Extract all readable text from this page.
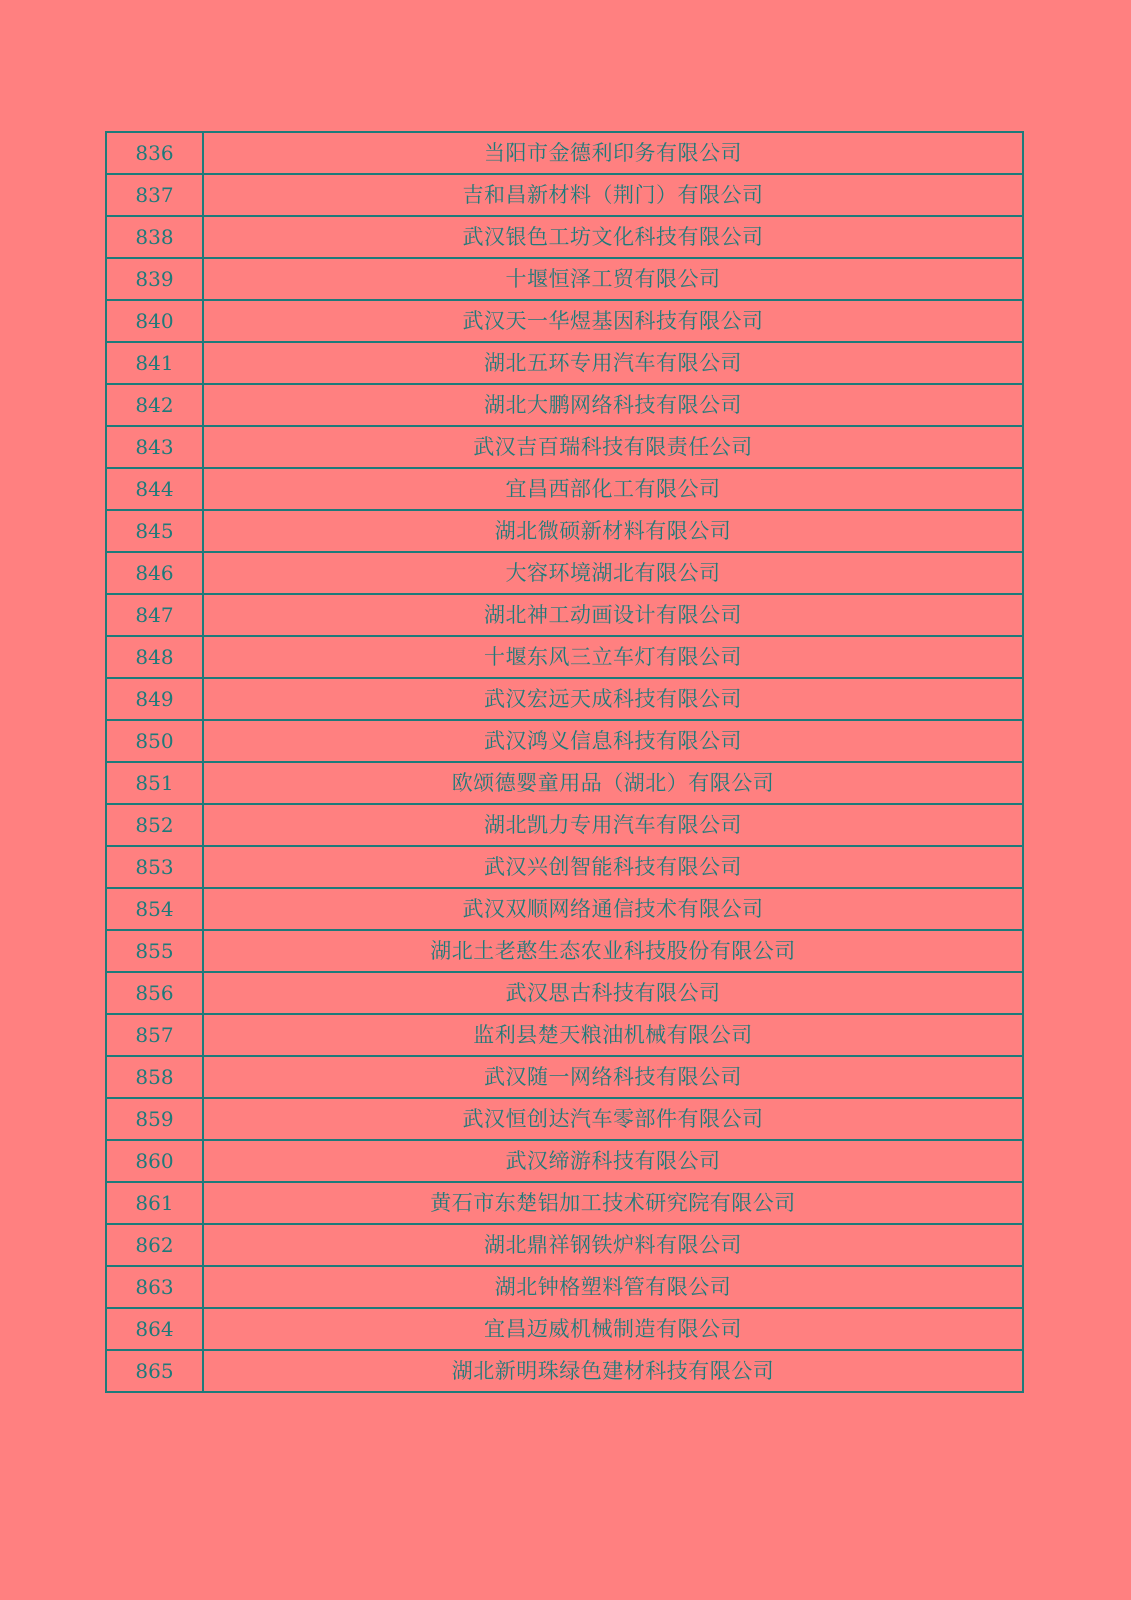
836	当阳市金德利印务有限公司
837	吉和昌新材料（荆门）有限公司
838	武汉银色工坊文化科技有限公司
839	十堰恒泽工贸有限公司
840	武汉天一华煜基因科技有限公司
841	湖北五环专用汽车有限公司
842	湖北大鹏网络科技有限公司
843	武汉吉百瑞科技有限责任公司
844	宜昌西部化工有限公司
845	湖北微硕新材料有限公司
846	大容环境湖北有限公司
847	湖北神工动画设计有限公司
848	十堰东风三立车灯有限公司
849	武汉宏远天成科技有限公司
850	武汉鸿义信息科技有限公司
851	欧颂德婴童用品（湖北）有限公司
852	湖北凯力专用汽车有限公司
853	武汉兴创智能科技有限公司
854	武汉双顺网络通信技术有限公司
855	湖北土老憨生态农业科技股份有限公司
856	武汉思古科技有限公司
857	监利县楚天粮油机械有限公司
858	武汉随一网络科技有限公司
859	武汉恒创达汽车零部件有限公司
860	武汉缔游科技有限公司
861	黄石市东楚铝加工技术研究院有限公司
862	湖北鼎祥钢铁炉料有限公司
863	湖北钟格塑料管有限公司
864	宜昌迈威机械制造有限公司
865	湖北新明珠绿色建材科技有限公司
